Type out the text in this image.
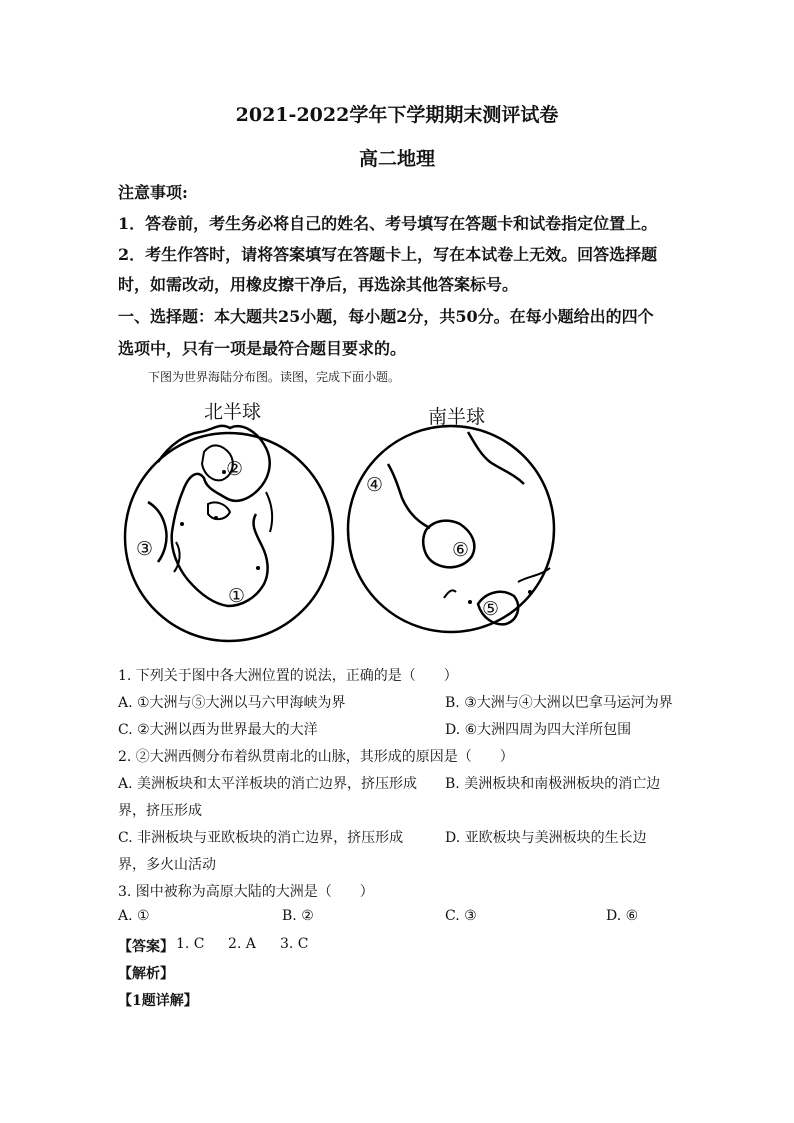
2021-2022学年下学期期末测评试卷
高二地理
注意事项:
1．答卷前，考生务必将自己的姓名、考号填写在答题卡和试卷指定位置上。
2．考生作答时，请将答案填写在答题卡上，写在本试卷上无效。回答选择题
时，如需改动，用橡皮擦干净后，再选涂其他答案标号。
一、选择题：本大题共25小题，每小题2分，共50分。在每小题给出的四个
选项中，只有一项是最符合题目要求的。
下图为世界海陆分布图。读图，完成下面小题。
北半球	南半球
②
③
①
④
⑥
⑤
1. 下列关于图中各大洲位置的说法，正确的是（　　）
A. ①大洲与⑤大洲以马六甲海峡为界	B. ③大洲与④大洲以巴拿马运河为界
C. ②大洲以西为世界最大的大洋	D. ⑥大洲四周为四大洋所包围
2. ②大洲西侧分布着纵贯南北的山脉，其形成的原因是（　　）
A. 美洲板块和太平洋板块的消亡边界，挤压形成 B. 美洲板块和南极洲板块的消亡边
界，挤压形成
C. 非洲板块与亚欧板块的消亡边界，挤压形成	D. 亚欧板块与美洲板块的生长边
界，多火山活动
3. 图中被称为高原大陆的大洲是（　　）
A. ①	B. ②	C. ③	D. ⑥
【答案】 1. C 2. A 3. C
【解析】
【1题详解】
